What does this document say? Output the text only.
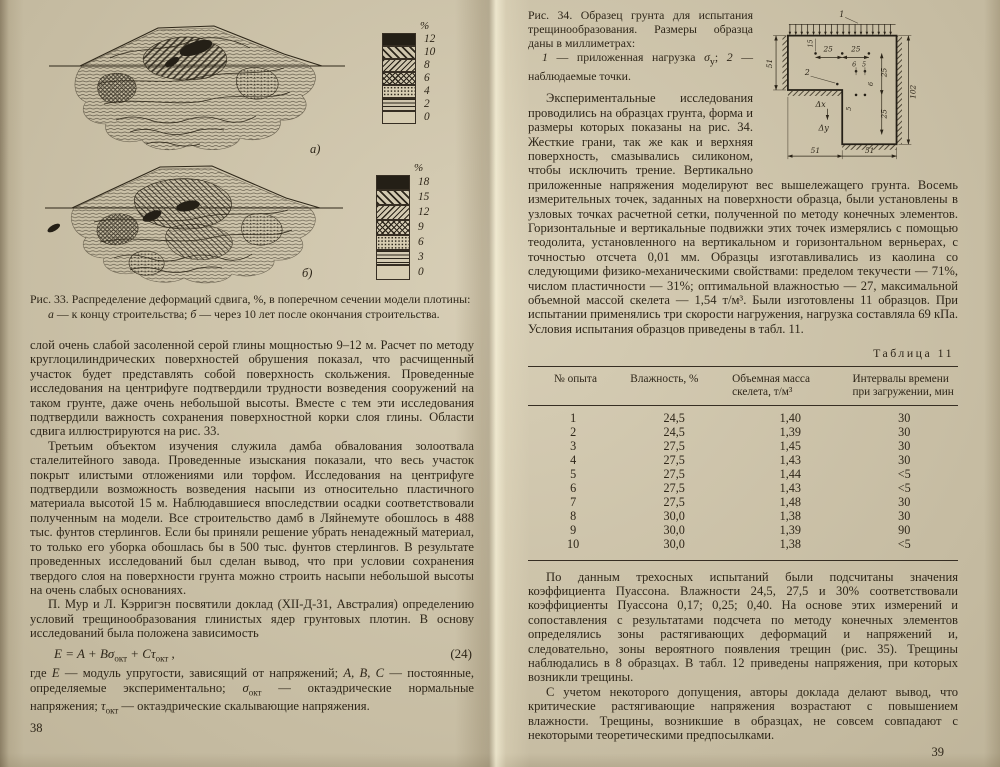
%
12
10
8
6
4
2
0
а)
%
18
15
12
9
6
3
0
б)

Рис. 33. Распределение деформаций сдвига, %, в поперечном сечении модели плотины:

а — к концу строительства; б — через 10 лет после окончания строительства.

слой очень слабой засоленной серой глины мощностью 9–12 м. Расчет по методу круглоцилиндрических поверхностей обрушения показал, что расчищенный участок будет представлять собой поверхность скольжения. Проведенные исследования на центрифуге подтвердили трудности возведения сооружений на таком грунте, даже очень небольшой высоты. Вместе с тем эти исследования подтвердили важность сохранения поверхностной корки слоя глины. Области сдвига иллюстрируются на рис. 33.

Третьим объектом изучения служила дамба обвалования золоотвала сталелитейного завода. Проведенные изыскания показали, что весь участок покрыт илистыми отложениями или торфом. Исследования на центрифуге подтвердили возможность возведения насыпи из относительно пластичного материала высотой 15 м. Наблюдавшиеся впоследствии осадки соответствовали полученным на модели. Все строительство дамб в Ляйнемуте обошлось в 488 тыс. фунтов стерлингов. Если бы приняли решение убрать ненадежный материал, то только его уборка обошлась бы в 500 тыс. фунтов стерлингов. В результате проведенных исследований был сделан вывод, что при условии сохранения твердого слоя на поверхности грунта можно строить насыпи небольшой высоты на очень слабых основаниях.

П. Мур и Л. Кэрригэн посвятили доклад (XII-Д-31, Австралия) определению условий трещинообразования глинистых ядер грунтовых плотин. В основу исследований была положена зависимость

$E = A + B\sigma_{окт} + C\tau_{окт}$ ,	(24)

где E — модуль упругости, зависящий от напряжений; А, В, С — постоянные, определяемые экспериментально; $\sigma_{окт}$ — октаэдрические нормальные напряжения; $\tau_{окт}$ — октаэдрические скалывающие напряжения.

38
1
25 25
15
6 5
6
5
25
25
2
Δx
Δy
51
102
51	51

Рис. 34. Образец грунта для испытания трещинообразования. Размеры образца даны в миллиметрах:

1 — приложенная нагрузка $\sigma_y$; 2 — наблюдаемые точки.

Экспериментальные исследования проводились на образцах грунта, форма и размеры которых показаны на рис. 34. Жесткие грани, так же как и верхняя поверхность, смазывались силиконом, чтобы исключить трение. Вертикально приложенные напряжения моделируют вес вышележащего грунта. Восемь измерительных точек, заданных на поверхности образца, были установлены в узловых точках расчетной сетки, полученной по методу конечных элементов. Горизонтальные и вертикальные подвижки этих точек измерялись с помощью теодолита, установленного на вертикальном и горизонтальном верньерах, с точностью отсчета 0,01 мм. Образцы изготавливались из каолина со следующими физико-механическими свойствами: пределом текучести — 71%, числом пластичности — 31%; оптимальной влажностью — 27, максимальной объемной массой скелета — 1,54 т/м³. Были изготовлены 11 образцов. При испытании применялись три скорости нагружения, нагрузка составляла 69 кПа. Условия испытания образцов приведены в табл. 11.

Таблица 11
№ опыта	Влажность, %	Объемная масса скелета, т/м³	Интервалы времени при загружении, мин
1	24,5	1,40	30
2	24,5	1,39	30
3	27,5	1,45	30
4	27,5	1,43	30
5	27,5	1,44	<5
6	27,5	1,43	<5
7	27,5	1,48	30
8	30,0	1,38	30
9	30,0	1,39	90
10	30,0	1,38	<5

По данным трехосных испытаний были подсчитаны значения коэффициента Пуассона. Влажности 24,5, 27,5 и 30% соответствовали коэффициенты Пуассона 0,17; 0,25; 0,40. На основе этих измерений и сопоставления с результатами подсчета по методу конечных элементов определялись зоны растягивающих деформаций и напряжений и, следовательно, зоны вероятного появления трещин (рис. 35). Трещины наблюдались в 8 образцах. В табл. 12 приведены напряжения, при которых возникли трещины.

С учетом некоторого допущения, авторы доклада делают вывод, что критические растягивающие напряжения возрастают с повышением влажности. Трещины, возникшие в образцах, не совсем совпадают с некоторыми теоретическими предпосылками.

39
